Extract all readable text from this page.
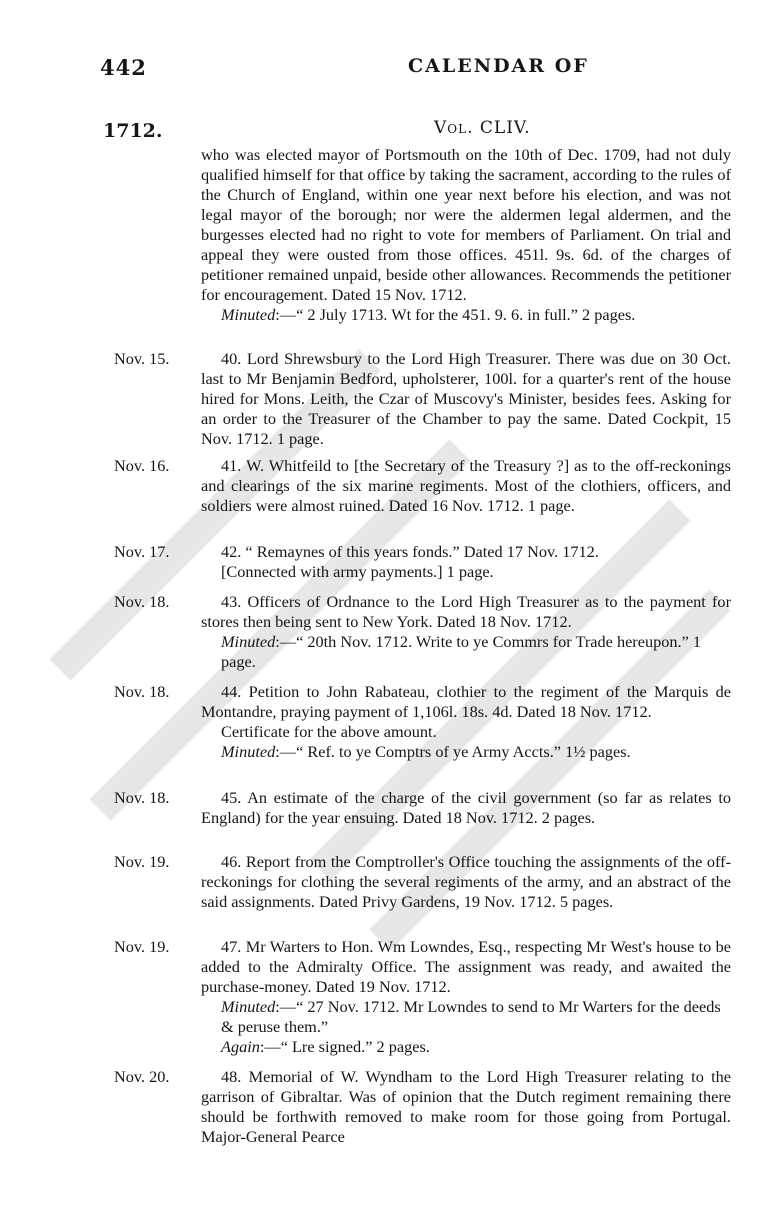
442	CALENDAR OF
1712.	Vol. CLIV.
who was elected mayor of Portsmouth on the 10th of Dec. 1709, had not duly qualified himself for that office by taking the sacrament, according to the rules of the Church of England, within one year next before his election, and was not legal mayor of the borough; nor were the aldermen legal aldermen, and the burgesses elected had no right to vote for members of Parliament. On trial and appeal they were ousted from those offices. 451l. 9s. 6d. of the charges of petitioner remained unpaid, beside other allowances. Recommends the petitioner for encouragement. Dated 15 Nov. 1712.
Minuted:—“ 2 July 1713. Wt for the 451. 9. 6. in full.” 2 pages.
Nov. 15.	40. Lord Shrewsbury to the Lord High Treasurer. There was due on 30 Oct. last to Mr Benjamin Bedford, upholsterer, 100l. for a quarter's rent of the house hired for Mons. Leith, the Czar of Muscovy's Minister, besides fees. Asking for an order to the Treasurer of the Chamber to pay the same. Dated Cockpit, 15 Nov. 1712. 1 page.

Nov. 16.	41. W. Whitfeild to [the Secretary of the Treasury ?] as to the off-reckonings and clearings of the six marine regiments. Most of the clothiers, officers, and soldiers were almost ruined. Dated 16 Nov. 1712. 1 page.

Nov. 17.	42. “ Remaynes of this years fonds.” Dated 17 Nov. 1712.

[Connected with army payments.] 1 page.

Nov. 18.	43. Officers of Ordnance to the Lord High Treasurer as to the payment for stores then being sent to New York. Dated 18 Nov. 1712.

Minuted:—“ 20th Nov. 1712. Write to ye Commrs for Trade hereupon.” 1 page.
Nov. 18.	44. Petition to John Rabateau, clothier to the regiment of the Marquis de Montandre, praying payment of 1,106l. 18s. 4d. Dated 18 Nov. 1712.

Certificate for the above amount.

Minuted:—“ Ref. to ye Comptrs of ye Army Accts.” 1½ pages.
Nov. 18.	45. An estimate of the charge of the civil government (so far as relates to England) for the year ensuing. Dated 18 Nov. 1712. 2 pages.

Nov. 19.	46. Report from the Comptroller's Office touching the assignments of the off-reckonings for clothing the several regiments of the army, and an abstract of the said assignments. Dated Privy Gardens, 19 Nov. 1712. 5 pages.

Nov. 19.	47. Mr Warters to Hon. Wm Lowndes, Esq., respecting Mr West's house to be added to the Admiralty Office. The assignment was ready, and awaited the purchase-money. Dated 19 Nov. 1712.

Minuted:—“ 27 Nov. 1712. Mr Lowndes to send to Mr Warters for the deeds & peruse them.”
Again:—“ Lre signed.” 2 pages.
Nov. 20.	48. Memorial of W. Wyndham to the Lord High Treasurer relating to the garrison of Gibraltar. Was of opinion that the Dutch regiment remaining there should be forthwith removed to make room for those going from Portugal. Major-General Pearce
